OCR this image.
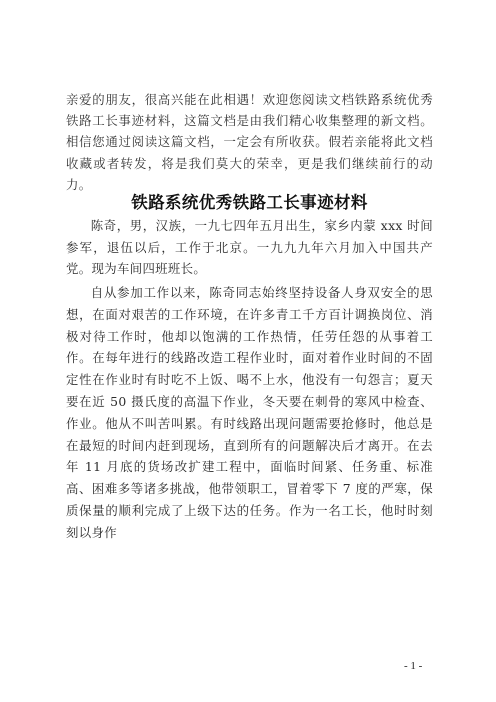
亲爱的朋友，很高兴能在此相遇！欢迎您阅读文档铁路系统优秀铁路工长事迹材料，这篇文档是由我们精心收集整理的新文档。相信您通过阅读这篇文档，一定会有所收获。假若亲能将此文档收藏或者转发，将是我们莫大的荣幸，更是我们继续前行的动力。

铁路系统优秀铁路工长事迹材料

陈奇，男，汉族，一九七四年五月出生，家乡内蒙 xxx 时间参军，退伍以后，工作于北京。一九九九年六月加入中国共产党。现为车间四班班长。

自从参加工作以来，陈奇同志始终坚持设备人身双安全的思想，在面对艰苦的工作环境，在许多青工千方百计调换岗位、消极对待工作时，他却以饱满的工作热情，任劳任怨的从事着工作。在每年进行的线路改造工程作业时，面对着作业时间的不固定性在作业时有时吃不上饭、喝不上水，他没有一句怨言；夏天要在近 50 摄氏度的高温下作业，冬天要在刺骨的寒风中检查、作业。他从不叫苦叫累。有时线路出现问题需要抢修时，他总是在最短的时间内赶到现场，直到所有的问题解决后才离开。在去年 11 月底的货场改扩建工程中，面临时间紧、任务重、标准高、困难多等诸多挑战，他带领职工，冒着零下 7 度的严寒，保质保量的顺利完成了上级下达的任务。作为一名工长，他时时刻刻以身作

- 1 -
